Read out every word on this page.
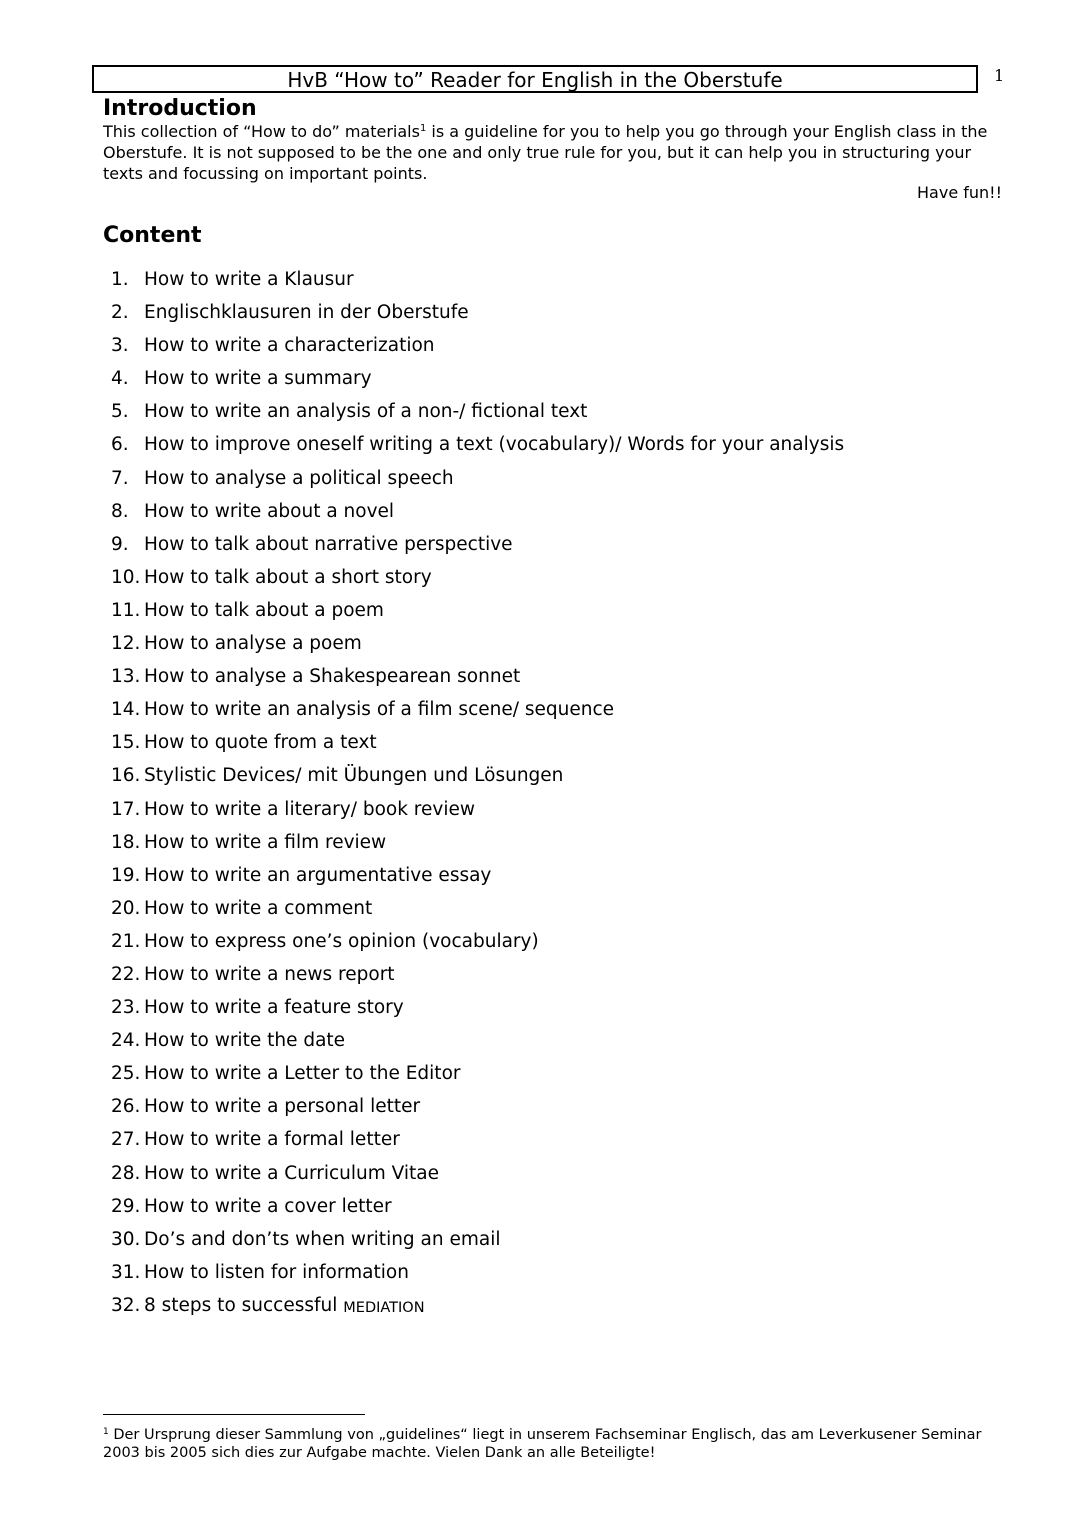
HvB “How to” Reader for English in the Oberstufe	1
Introduction
This collection of “How to do” materials$^1$ is a guideline for you to help you go through your English class in the Oberstufe. It is not supposed to be the one and only true rule for you, but it can help you in structuring your texts and focussing on important points.
Have fun!!
Content
1. How to write a Klausur
2. Englischklausuren in der Oberstufe
3. How to write a characterization
4. How to write a summary
5. How to write an analysis of a non-/ fictional text
6. How to improve oneself writing a text (vocabulary)/ Words for your analysis
7. How to analyse a political speech
8. How to write about a novel
9. How to talk about narrative perspective
10. How to talk about a short story
11. How to talk about a poem
12. How to analyse a poem
13. How to analyse a Shakespearean sonnet
14. How to write an analysis of a film scene/ sequence
15. How to quote from a text
16. Stylistic Devices/ mit Übungen und Lösungen
17. How to write a literary/ book review
18. How to write a film review
19. How to write an argumentative essay
20. How to write a comment
21. How to express one’s opinion (vocabulary)
22. How to write a news report
23. How to write a feature story
24. How to write the date
25. How to write a Letter to the Editor
26. How to write a personal letter
27. How to write a formal letter
28. How to write a Curriculum Vitae
29. How to write a cover letter
30. Do’s and don’ts when writing an email
31. How to listen for information
32. 8 steps to successful MEDIATION
$^1$ Der Ursprung dieser Sammlung von „guidelines“ liegt in unserem Fachseminar Englisch, das am Leverkusener Seminar 2003 bis 2005 sich dies zur Aufgabe machte. Vielen Dank an alle Beteiligte!
